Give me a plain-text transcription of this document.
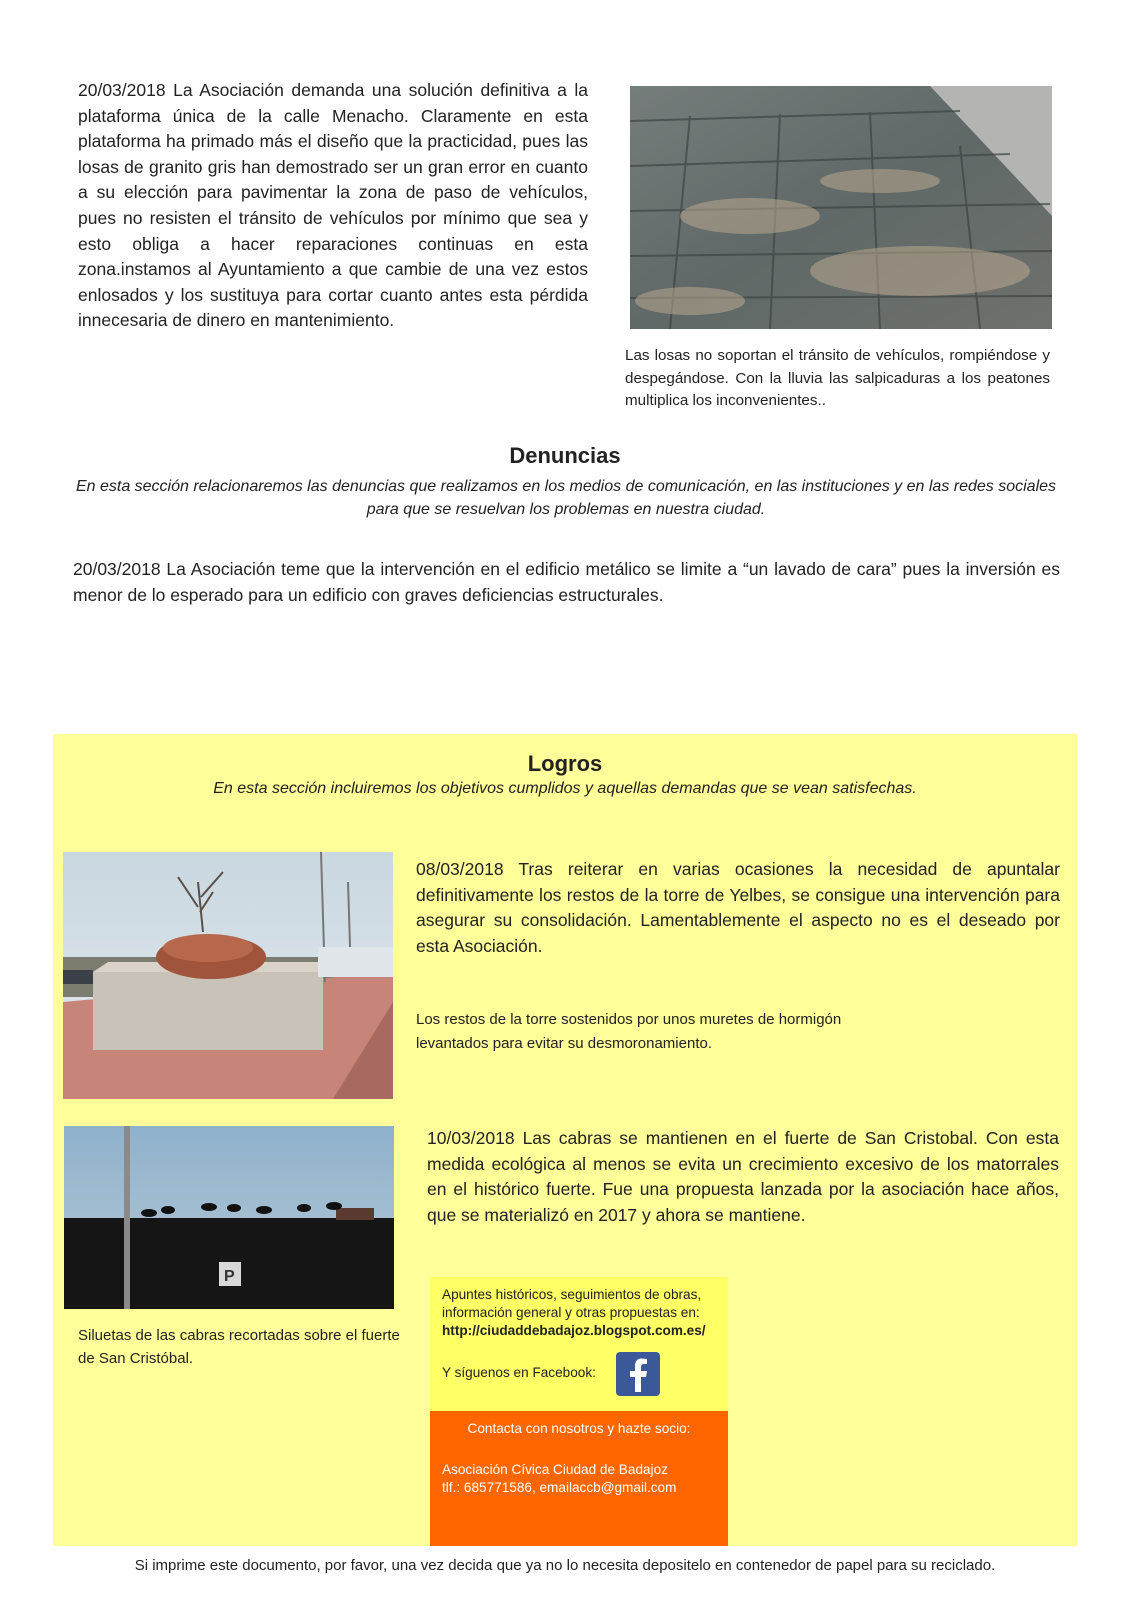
20/03/2018 La Asociación demanda una solución definitiva a la plataforma única de la calle Menacho. Claramente en esta plataforma ha primado más el diseño que la practicidad, pues las losas de granito gris han demostrado ser un gran error en cuanto a su elección para pavimentar la zona de paso de vehículos, pues no resisten el tránsito de vehículos por mínimo que sea y esto obliga a hacer reparaciones continuas en esta zona.instamos al Ayuntamiento a que cambie de una vez estos enlosados y los sustituya para cortar cuanto antes esta pérdida innecesaria de dinero en mantenimiento.
Las losas no soportan el tránsito de vehículos, rompiéndose y despegándose. Con la lluvia las salpicaduras a los peatones multiplica los inconvenientes..
Denuncias
En esta sección relacionaremos las denuncias que realizamos en los medios de comunicación, en las instituciones y en las redes sociales para que se resuelvan los problemas en nuestra ciudad.
20/03/2018 La Asociación teme que la intervención en el edificio metálico se limite a “un lavado de cara” pues la inversión es menor de lo esperado para un edificio con graves deficiencias estructurales.
Logros
En esta sección incluiremos los objetivos cumplidos y aquellas demandas que se vean satisfechas.
08/03/2018 Tras reiterar en varias ocasiones la necesidad de apuntalar definitivamente los restos de la torre de Yelbes, se consigue una intervención para asegurar su consolidación. Lamentablemente el aspecto no es el deseado por esta Asociación.
Los restos de la torre sostenidos por unos muretes de hormigón levantados para evitar su desmoronamiento.
P
10/03/2018 Las cabras se mantienen en el fuerte de San Cristobal. Con esta medida ecológica al menos se evita un crecimiento excesivo de los matorrales en el histórico fuerte. Fue una propuesta lanzada por la asociación hace años, que se materializó en 2017 y ahora se mantiene.
Siluetas de las cabras recortadas sobre el fuerte de San Cristóbal.
Apuntes históricos, seguimientos de obras, información general y otras propuestas en:
http://ciudaddebadajoz.blogspot.com.es/
Y síguenos en Facebook:
Contacta con nosotros y hazte socio:
Asociación Cívica Ciudad de Badajoz
tlf.: 685771586, emailaccb@gmail.com
Si imprime este documento, por favor, una vez decida que ya no lo necesita depositelo en contenedor de papel para su reciclado.
